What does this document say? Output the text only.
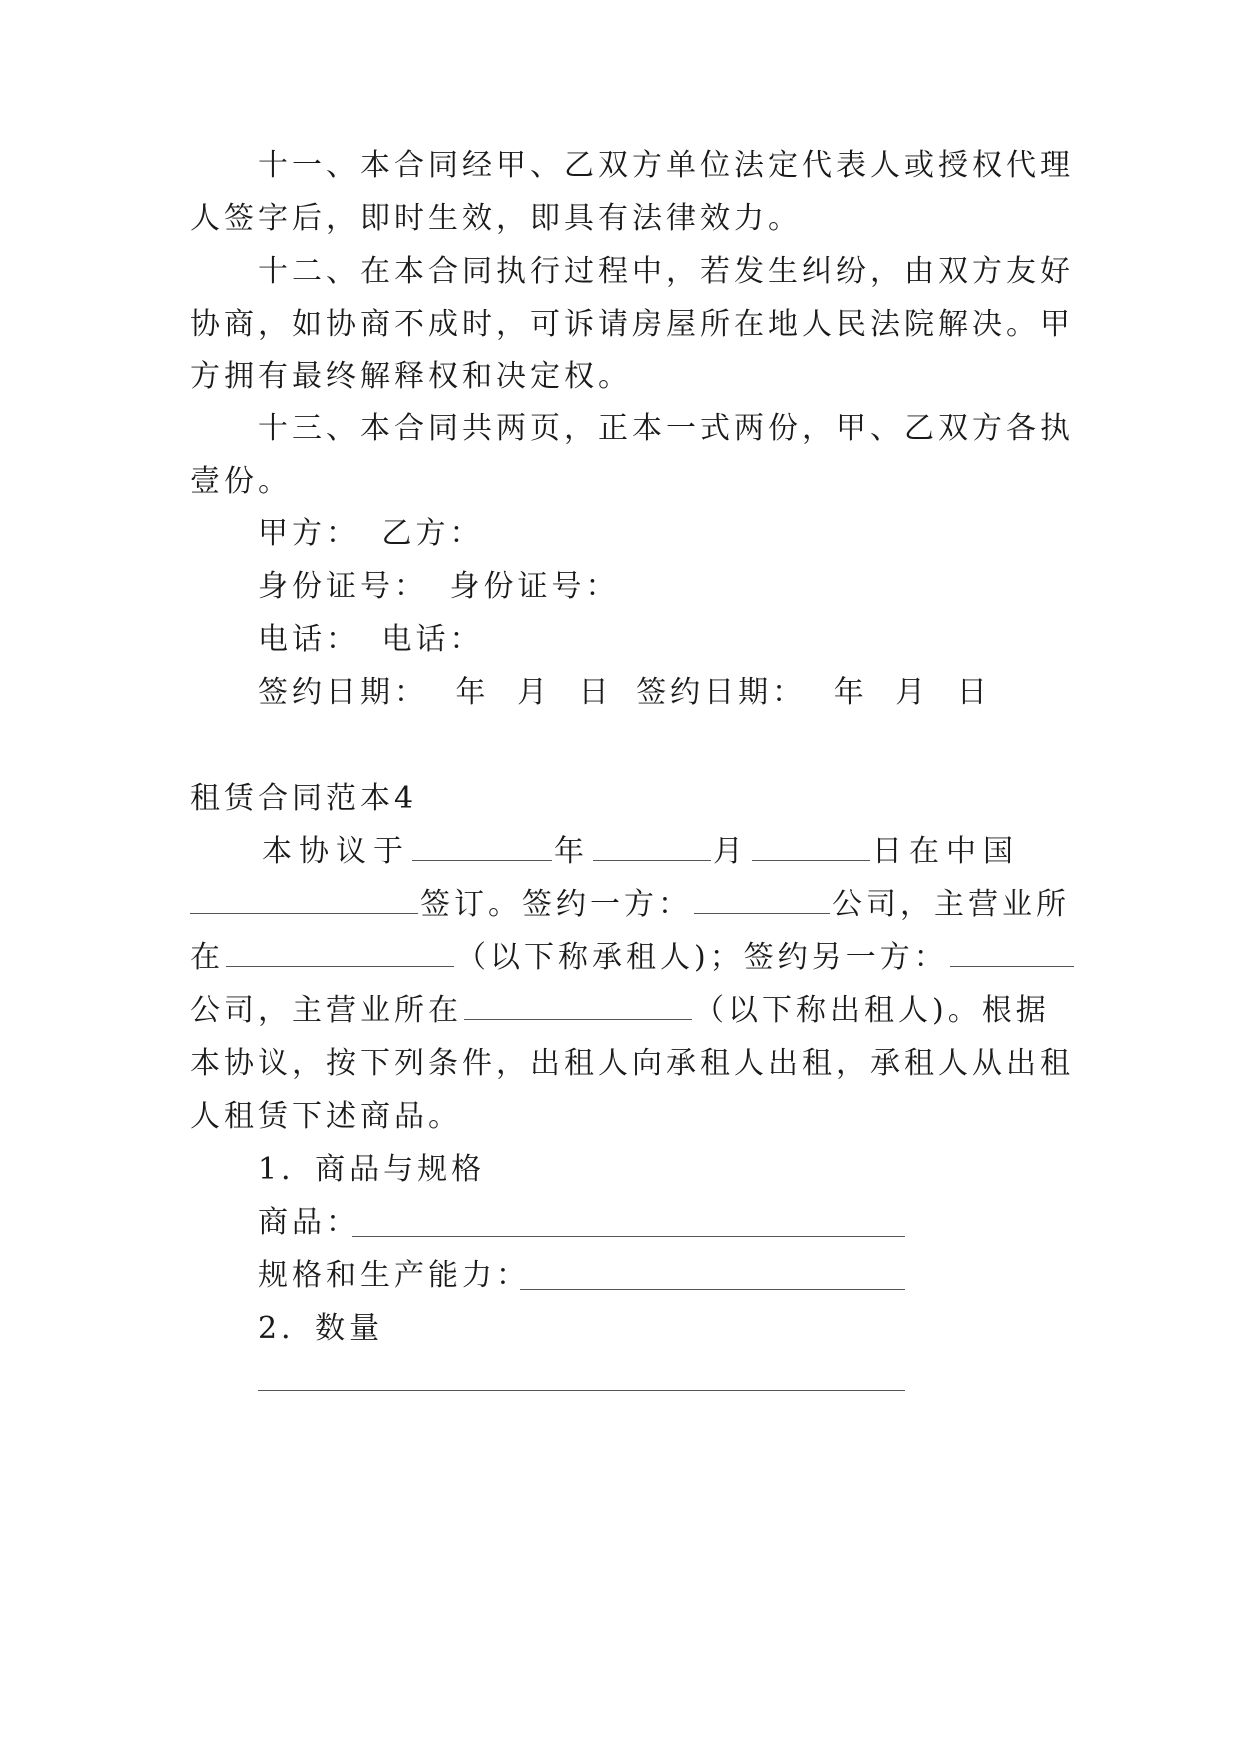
十一、本合同经甲、乙双方单位法定代表人或授权代理
人签字后，即时生效，即具有法律效力。
十二、在本合同执行过程中，若发生纠纷，由双方友好
协商，如协商不成时，可诉请房屋所在地人民法院解决。甲
方拥有最终解释权和决定权。
十三、本合同共两页，正本一式两份，甲、乙双方各执
壹份。
甲方： 乙方：
身份证号： 身份证号：
电话： 电话：
签约日期： 年 月 日 签约日期： 年 月 日
租赁合同范本4
本协议于	年	月	日在中国
签订。签约一方：	公司，主营业所
在	（以下称承租人)；签约另一方：
公司，主营业所在	（以下称出租人)。根据
本协议，按下列条件，出租人向承租人出租，承租人从出租
人租赁下述商品。
1．商品与规格
商品：
规格和生产能力：
2．数量
